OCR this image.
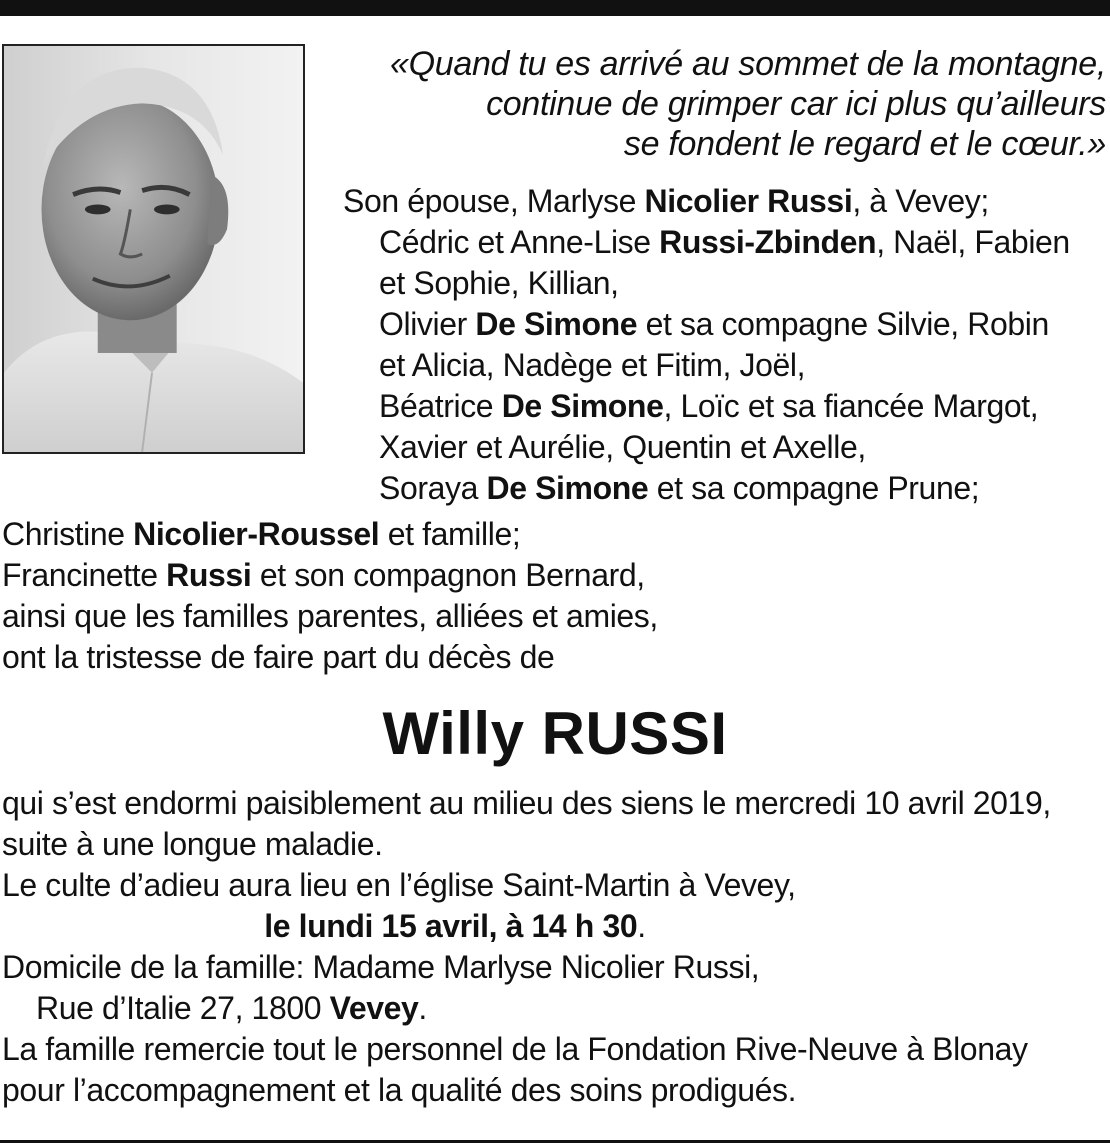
«Quand tu es arrivé au sommet de la montagne,
continue de grimper car ici plus qu’ailleurs
se fondent le regard et le cœur.»
Son épouse, Marlyse Nicolier Russi, à Vevey;
Cédric et Anne-Lise Russi-Zbinden, Naël, Fabien
et Sophie, Killian,
Olivier De Simone et sa compagne Silvie, Robin
et Alicia, Nadège et Fitim, Joël,
Béatrice De Simone, Loïc et sa fiancée Margot,
Xavier et Aurélie, Quentin et Axelle,
Soraya De Simone et sa compagne Prune;
Christine Nicolier-Roussel et famille;
Francinette Russi et son compagnon Bernard,
ainsi que les familles parentes, alliées et amies,
ont la tristesse de faire part du décès de
Willy RUSSI
qui s’est endormi paisiblement au milieu des siens le mercredi 10 avril 2019,
suite à une longue maladie.
Le culte d’adieu aura lieu en l’église Saint-Martin à Vevey,
le lundi 15 avril, à 14 h 30.
Domicile de la famille: Madame Marlyse Nicolier Russi,
Rue d’Italie 27, 1800 Vevey.
La famille remercie tout le personnel de la Fondation Rive-Neuve à Blonay
pour l’accompagnement et la qualité des soins prodigués.
